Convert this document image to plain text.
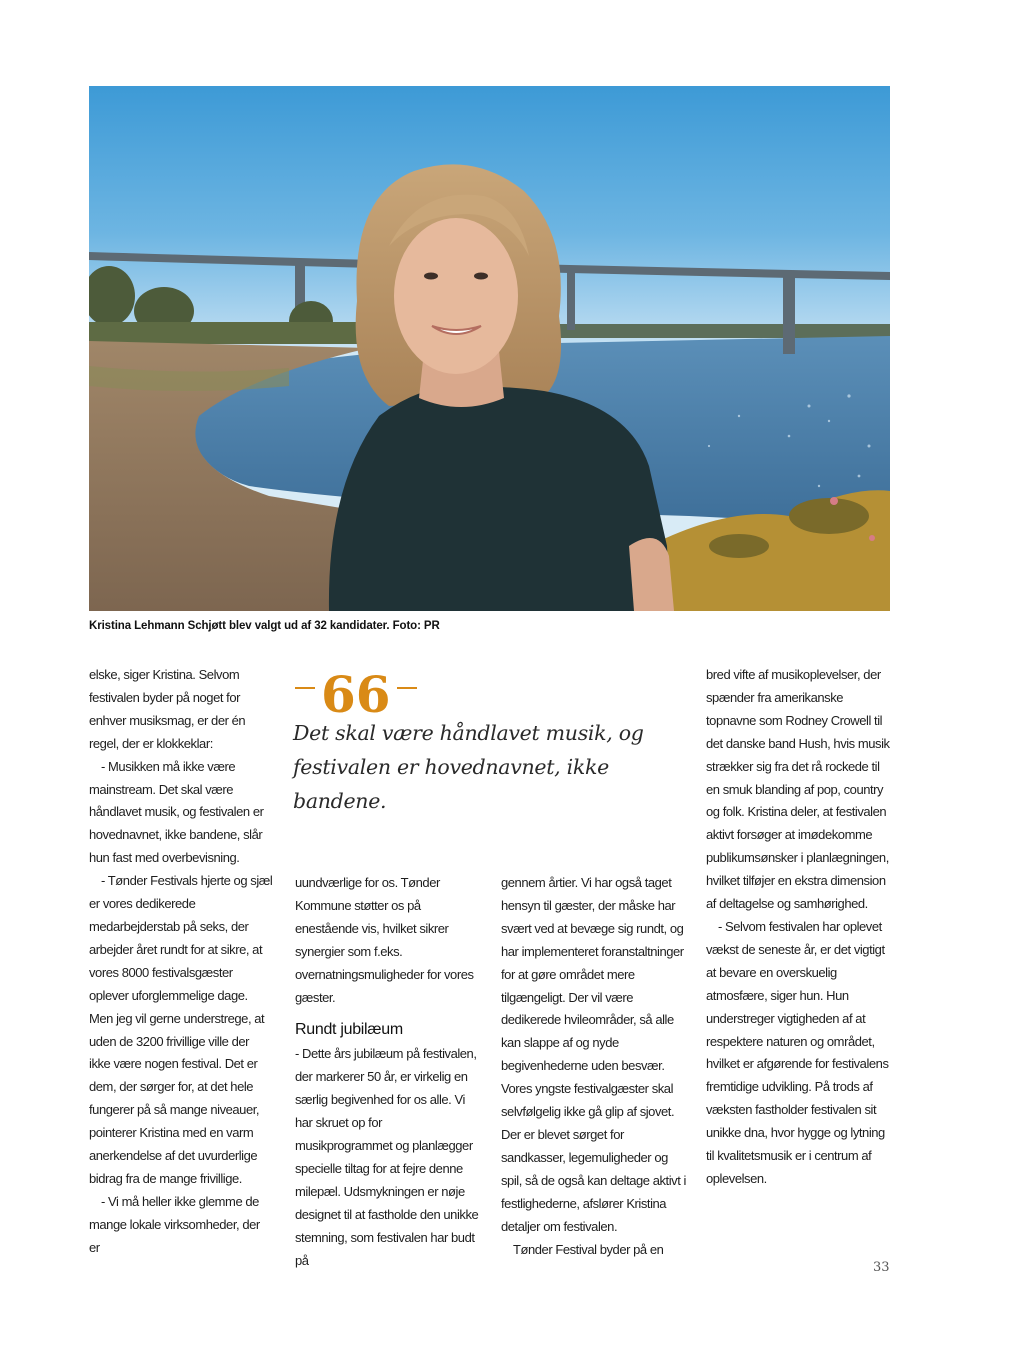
Kristina Lehmann Schjøtt blev valgt ud af 32 kandidater. Foto: PR

elske, siger Kristina. Selvom festivalen byder på noget for enhver musiksmag, er der én regel, der er klokkeklar:

- Musikken må ikke være mainstream. Det skal være håndlavet musik, og festivalen er hovednavnet, ikke bandene, slår hun fast med overbevisning.

- Tønder Festivals hjerte og sjæl er vores dedikerede medarbejderstab på seks, der arbejder året rundt for at sikre, at vores 8000 festivalsgæster oplever uforglemmelige dage. Men jeg vil gerne understrege, at uden de 3200 frivillige ville der ikke være nogen festival. Det er dem, der sørger for, at det hele fungerer på så mange niveauer, pointerer Kristina med en varm anerkendelse af det uvurderlige bidrag fra de mange frivillige.

- Vi må heller ikke glemme de mange lokale virksomheder, der er

66
Det skal være håndlavet musik, og festivalen er hovednavnet, ikke bandene.

uundværlige for os. Tønder Kommune støtter os på enestående vis, hvilket sikrer synergier som f.eks. overnatningsmuligheder for vores gæster.

Rundt jubilæum

- Dette års jubilæum på festivalen, der markerer 50 år, er virkelig en særlig begivenhed for os alle. Vi har skruet op for musikprogrammet og planlægger specielle tiltag for at fejre denne milepæl. Udsmykningen er nøje designet til at fastholde den unikke stemning, som festivalen har budt på

gennem årtier. Vi har også taget hensyn til gæster, der måske har svært ved at bevæge sig rundt, og har implementeret foranstaltninger for at gøre området mere tilgængeligt. Der vil være dedikerede hvileområder, så alle kan slappe af og nyde begivenhederne uden besvær. Vores yngste festivalgæster skal selvfølgelig ikke gå glip af sjovet. Der er blevet sørget for sandkasser, legemuligheder og spil, så de også kan deltage aktivt i festlighederne, afslører Kristina detaljer om festivalen.

Tønder Festival byder på en

bred vifte af musikoplevelser, der spænder fra amerikanske topnavne som Rodney Crowell til det danske band Hush, hvis musik strækker sig fra det rå rockede til en smuk blanding af pop, country og folk. Kristina deler, at festivalen aktivt forsøger at imødekomme publikumsønsker i planlægningen, hvilket tilføjer en ekstra dimension af deltagelse og samhørighed.

- Selvom festivalen har oplevet vækst de seneste år, er det vigtigt at bevare en overskuelig atmosfære, siger hun. Hun understreger vigtigheden af at respektere naturen og området, hvilket er afgørende for festivalens fremtidige udvikling. På trods af væksten fastholder festivalen sit unikke dna, hvor hygge og lytning til kvalitetsmusik er i centrum af oplevelsen.

33
